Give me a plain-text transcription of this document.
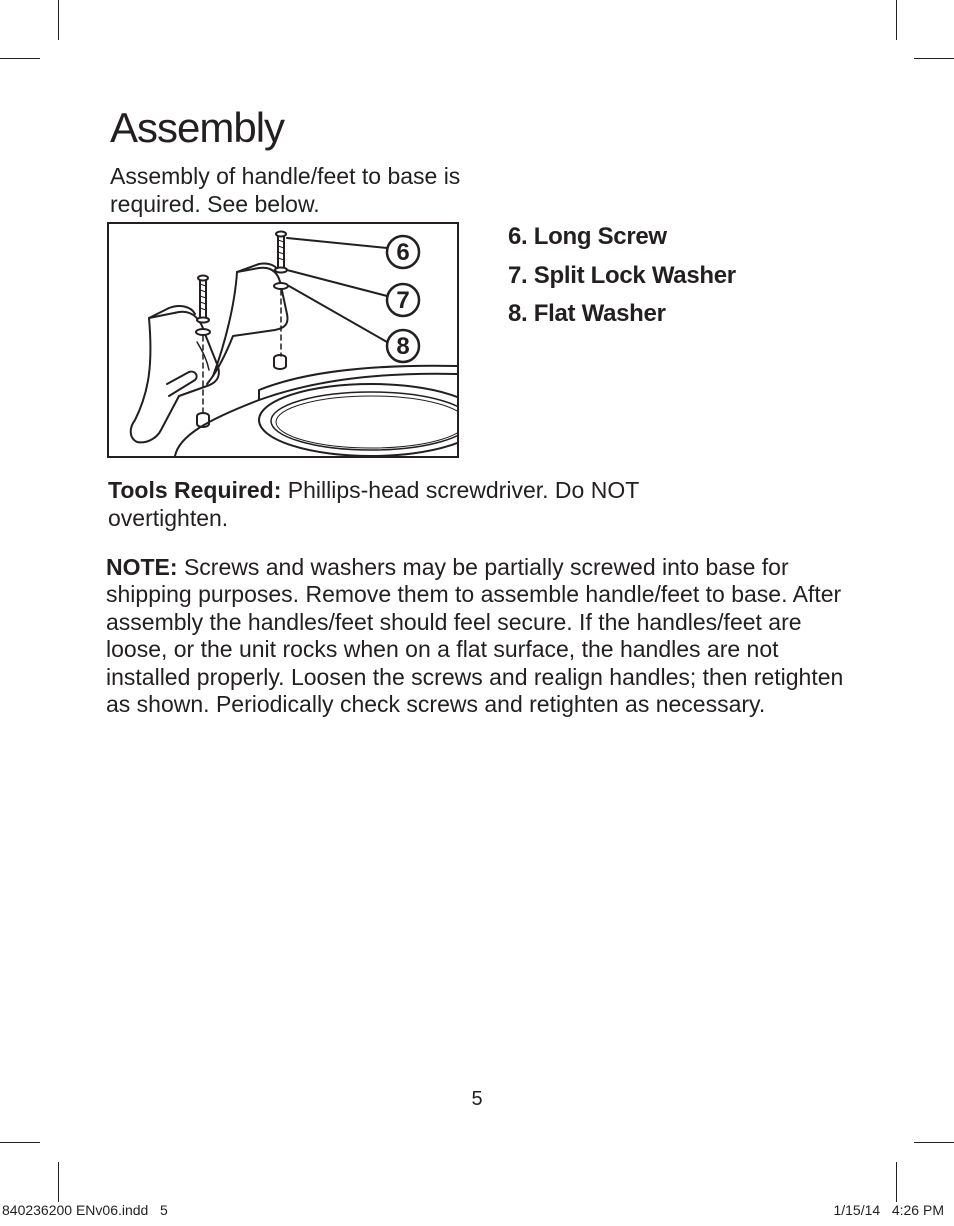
Assembly

Assembly of handle/feet to base is required. See below.

6
7
8
6. Long Screw
7. Split Lock Washer
8. Flat Washer

Tools Required: Phillips-head screwdriver. Do NOT overtighten.

NOTE: Screws and washers may be partially screwed into base for shipping purposes. Remove them to assemble handle/feet to base. After assembly the handles/feet should feel secure. If the handles/feet are loose, or the unit rocks when on a flat surface, the handles are not installed properly. Loosen the screws and realign handles; then retighten as shown. Periodically check screws and retighten as necessary.

5
840236200 ENv06.indd   5	1/15/14   4:26 PM
